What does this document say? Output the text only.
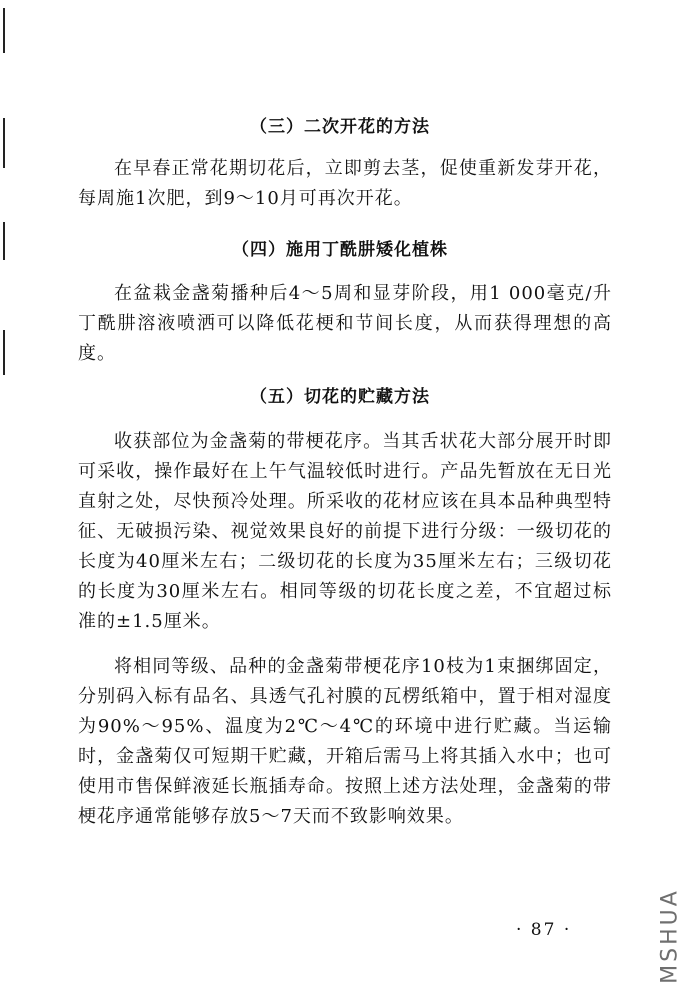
（三）二次开花的方法

在早春正常花期切花后，立即剪去茎，促使重新发芽开花，每周施1次肥，到9～10月可再次开花。

（四）施用丁酰肼矮化植株

在盆栽金盏菊播种后4～5周和显芽阶段，用1 000毫克/升丁酰肼溶液喷洒可以降低花梗和节间长度，从而获得理想的高度。

（五）切花的贮藏方法

收获部位为金盏菊的带梗花序。当其舌状花大部分展开时即可采收，操作最好在上午气温较低时进行。产品先暂放在无日光直射之处，尽快预冷处理。所采收的花材应该在具本品种典型特征、无破损污染、视觉效果良好的前提下进行分级：一级切花的长度为40厘米左右；二级切花的长度为35厘米左右；三级切花的长度为30厘米左右。相同等级的切花长度之差，不宜超过标准的±1.5厘米。

将相同等级、品种的金盏菊带梗花序10枝为1束捆绑固定，分别码入标有品名、具透气孔衬膜的瓦楞纸箱中，置于相对湿度为90%～95%、温度为2℃～4℃的环境中进行贮藏。当运输时，金盏菊仅可短期干贮藏，开箱后需马上将其插入水中；也可使用市售保鲜液延长瓶插寿命。按照上述方法处理，金盏菊的带梗花序通常能够存放5～7天而不致影响效果。

· 87 ·	MSHUA
